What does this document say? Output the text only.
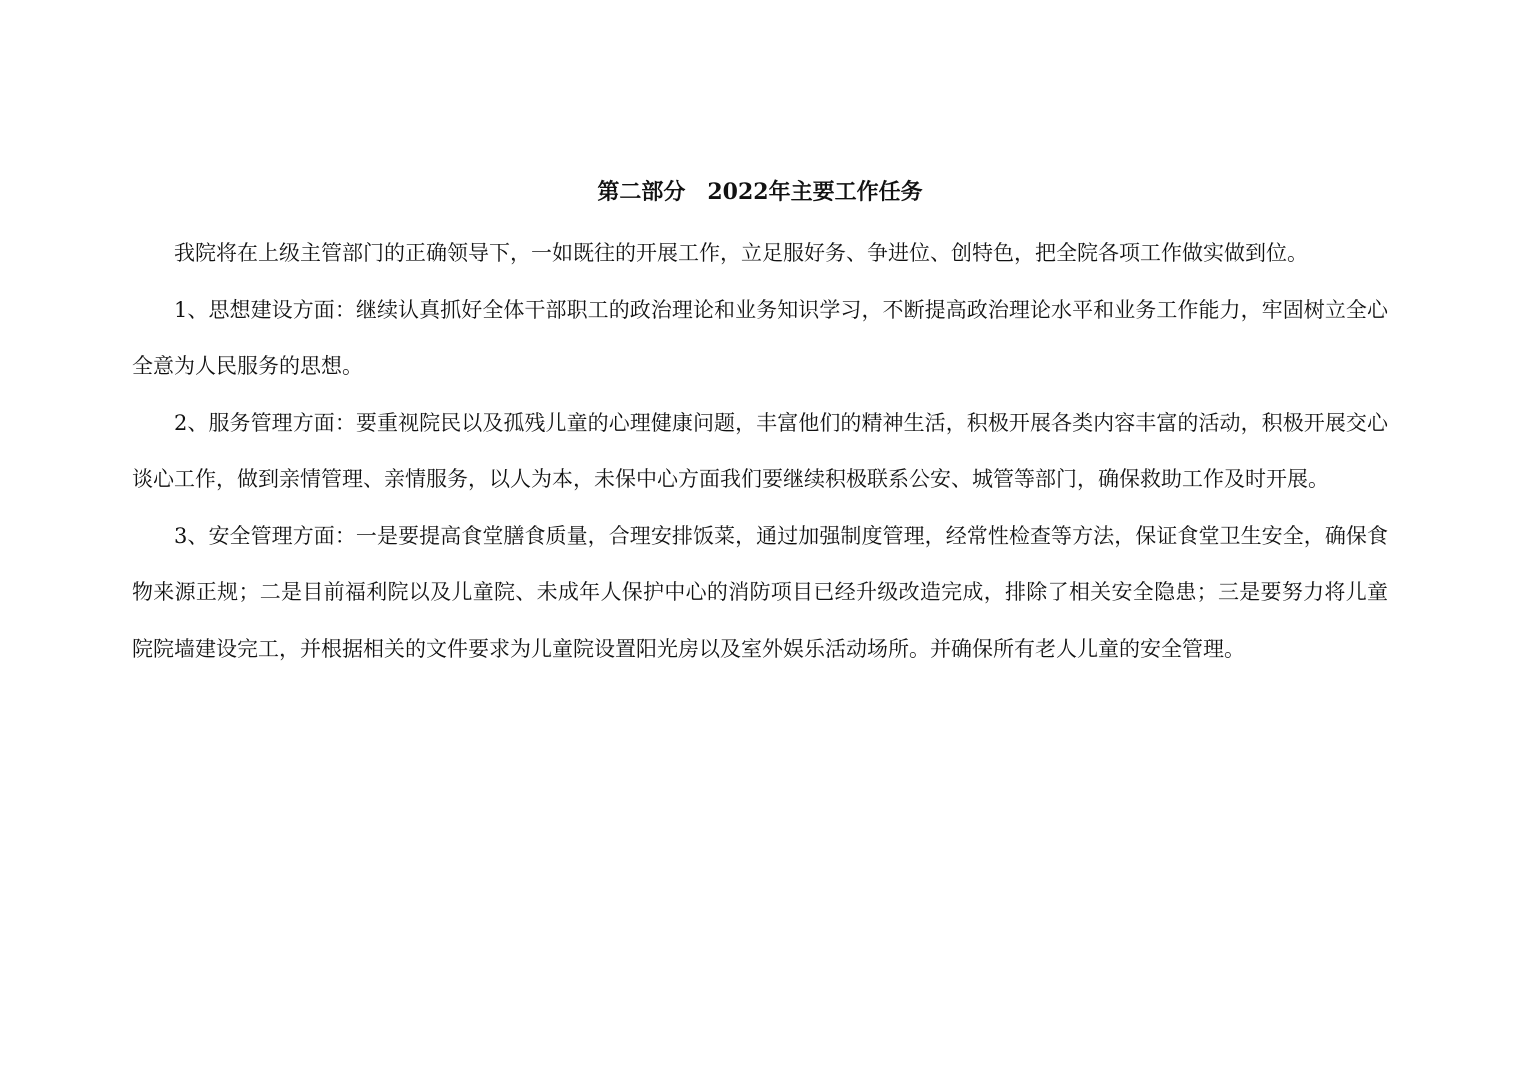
第二部分　2022年主要工作任务

我院将在上级主管部门的正确领导下，一如既往的开展工作，立足服好务、争进位、创特色，把全院各项工作做实做到位。

1、思想建设方面：继续认真抓好全体干部职工的政治理论和业务知识学习，不断提高政治理论水平和业务工作能力，牢固树立全心全意为人民服务的思想。

2、服务管理方面：要重视院民以及孤残儿童的心理健康问题，丰富他们的精神生活，积极开展各类内容丰富的活动，积极开展交心谈心工作，做到亲情管理、亲情服务，以人为本，未保中心方面我们要继续积极联系公安、城管等部门，确保救助工作及时开展。

3、安全管理方面：一是要提高食堂膳食质量，合理安排饭菜，通过加强制度管理，经常性检查等方法，保证食堂卫生安全，确保食物来源正规；二是目前福利院以及儿童院、未成年人保护中心的消防项目已经升级改造完成，排除了相关安全隐患；三是要努力将儿童院院墙建设完工，并根据相关的文件要求为儿童院设置阳光房以及室外娱乐活动场所。并确保所有老人儿童的安全管理。
